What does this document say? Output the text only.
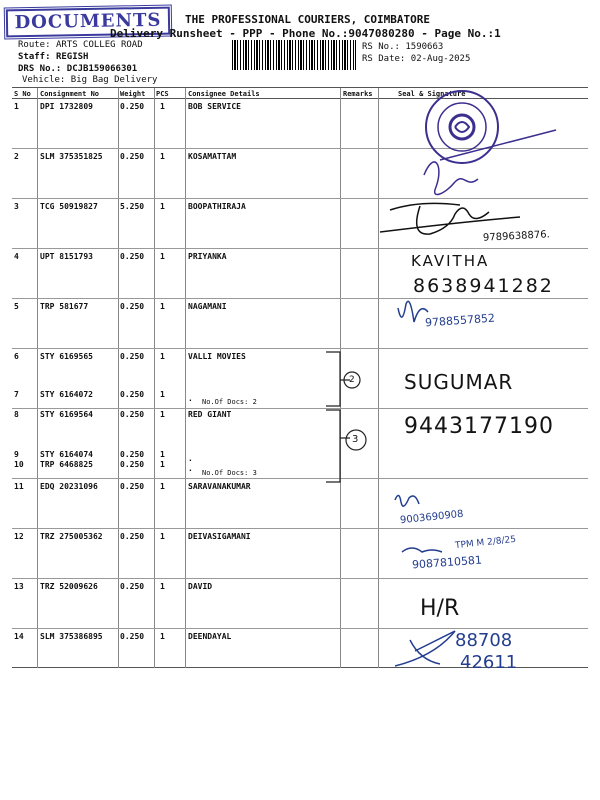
DOCUMENTS	THE PROFESSIONAL COURIERS, COIMBATORE
Delivery Runsheet - PPP - Phone No.:9047080280 - Page No.:1
Route: ARTS COLLEG ROAD
Staff: REGISH
DRS No.: DCJB159066301
Vehicle: Big Bag Delivery
RS No.: 1590663
RS Date: 02-Aug-2025
S No Consignment No	Weight PCS	Consignee Details	Remarks	Seal & Signature
1	DPI 1732809	0.250 1	BOB SERVICE
2	SLM 375351825 0.250 1	KOSAMATTAM
3	TCG 50919827	5.250 1	BOOPATHIRAJA
4	UPT 8151793	0.250 1	PRIYANKA
5	TRP 581677	0.250 1	NAGAMANI
6	STY 6169565	0.250 1	VALLI MOVIES
7	STY 6164072	0.250 1	.
8	STY 6169564	0.250 1	RED GIANT
9	STY 6164074	0.250 1	.
10 TRP 6468825	0.250 1	.
11 EDQ 20231096	0.250 1	SARAVANAKUMAR
12 TRZ 275005362 0.250 1	DEIVASIGAMANI
13 TRZ 52009626	0.250 1	DAVID
14 SLM 375386895 0.250 1	DEENDAYAL
No.Of Docs: 2
No.Of Docs: 3
2
3
9789638876.
KAVITHA
8638941282
9788557852
SUGUMAR
9443177190
9003690908
TPM M 2/8/25
9087810581
H/R
88708
42611
